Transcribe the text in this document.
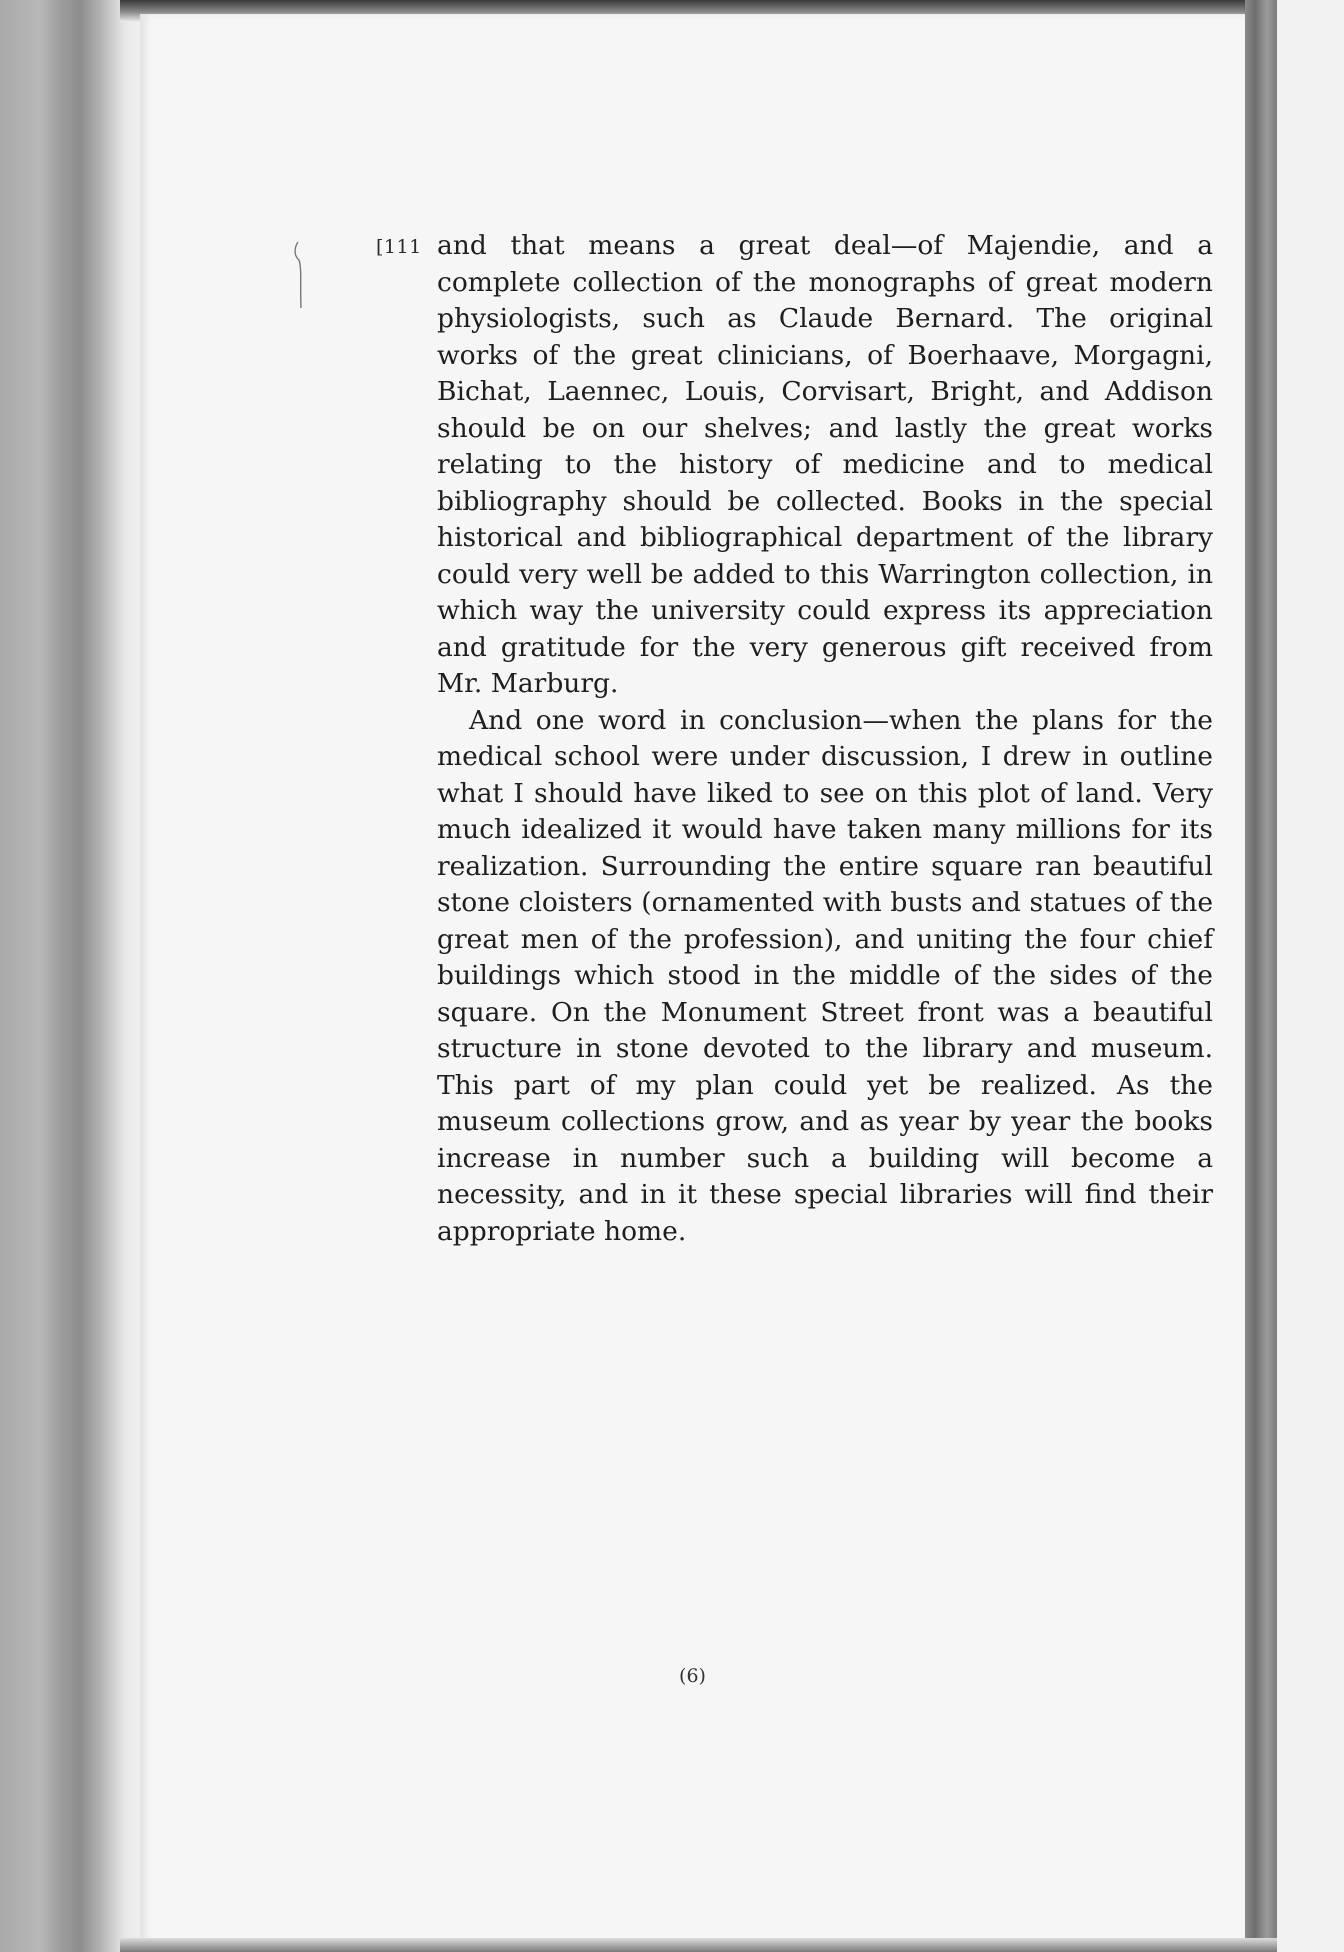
[111 and that means a great deal—of Majendie, and a complete collection of the monographs of great modern physiologists, such as Claude Bernard. The original works of the great clinicians, of Boerhaave, Morgagni, Bichat, Laennec, Louis, Corvisart, Bright, and Addison should be on our shelves; and lastly the great works relating to the history of medicine and to medical bibliography should be collected. Books in the special historical and bibliographical department of the library could very well be added to this Warrington collection, in which way the university could express its appreciation and gratitude for the very generous gift received from Mr. Marburg.

And one word in conclusion—when the plans for the medical school were under discussion, I drew in outline what I should have liked to see on this plot of land. Very much idealized it would have taken many millions for its realization. Surrounding the entire square ran beautiful stone cloisters (ornamented with busts and statues of the great men of the profession), and uniting the four chief buildings which stood in the middle of the sides of the square. On the Monument Street front was a beautiful structure in stone devoted to the library and museum. This part of my plan could yet be realized. As the museum collections grow, and as year by year the books increase in number such a building will become a necessity, and in it these special libraries will find their appropriate home.

(6)
